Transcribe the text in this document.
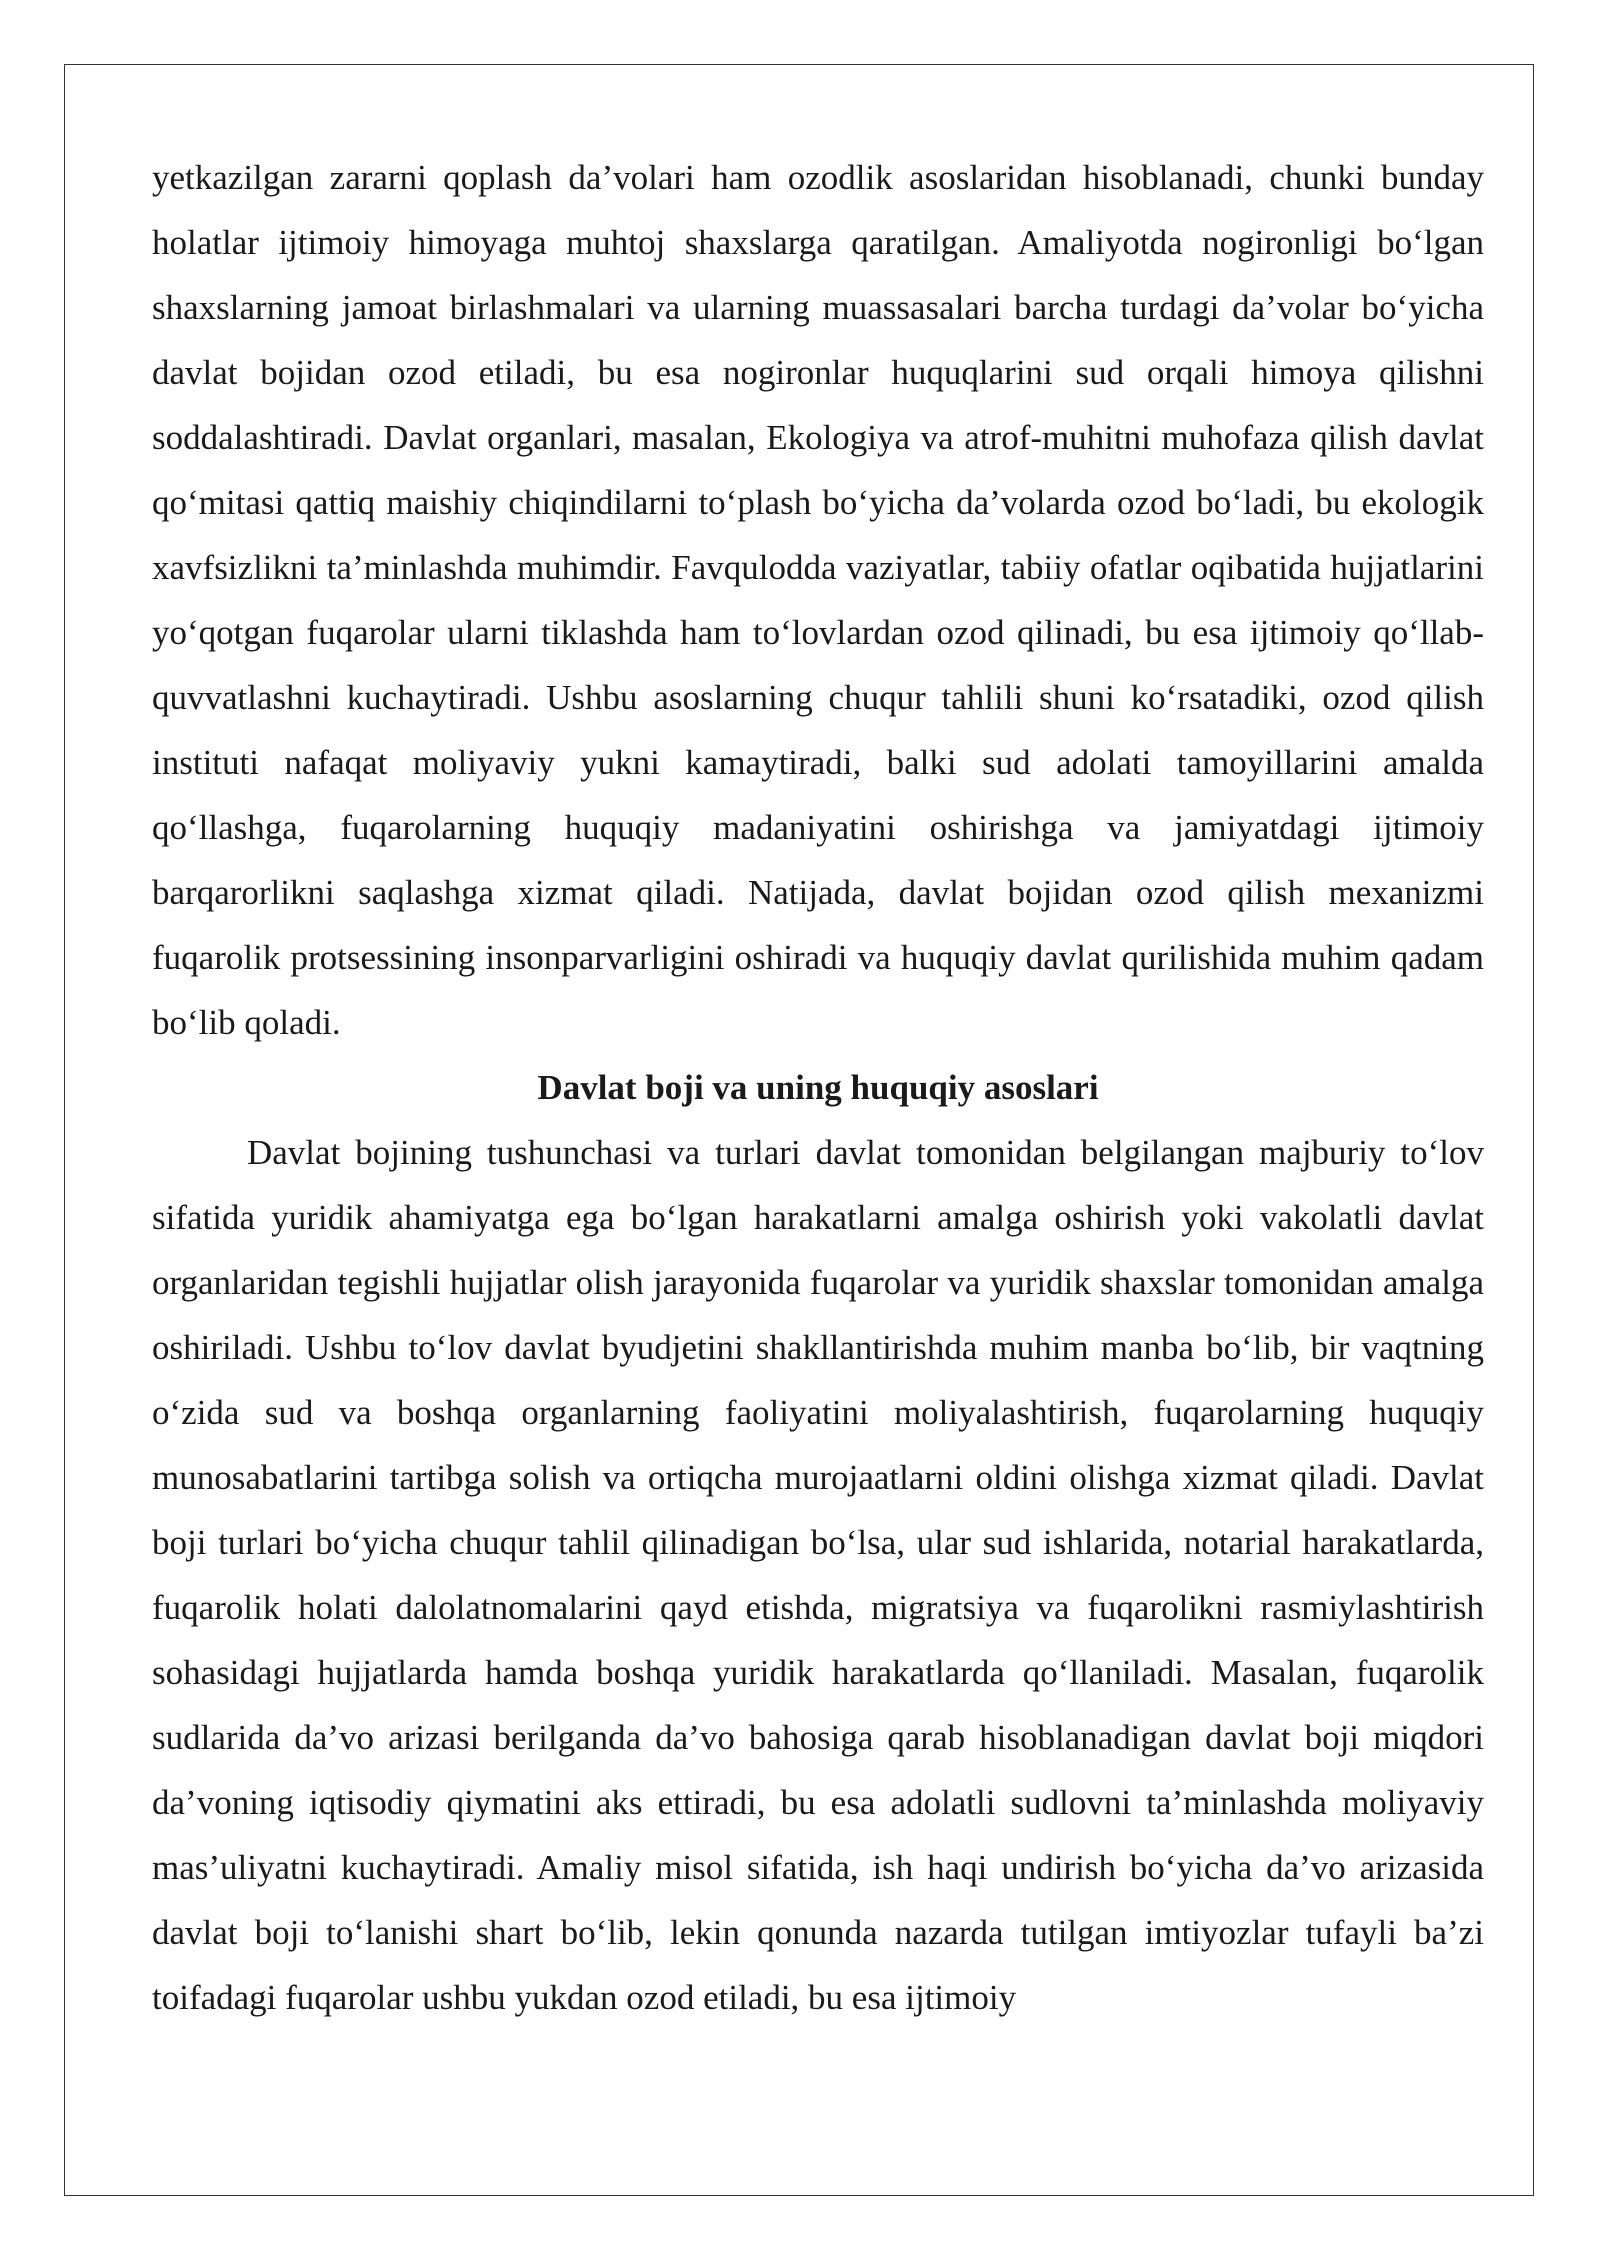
yetkazilgan zararni qoplash da’volari ham ozodlik asoslaridan hisoblanadi, chunki bunday holatlar ijtimoiy himoyaga muhtoj shaxslarga qaratilgan. Amaliyotda nogironligi bo‘lgan shaxslarning jamoat birlashmalari va ularning muassasalari barcha turdagi da’volar bo‘yicha davlat bojidan ozod etiladi, bu esa nogironlar huquqlarini sud orqali himoya qilishni soddalashtiradi. Davlat organlari, masalan, Ekologiya va atrof-muhitni muhofaza qilish davlat qo‘mitasi qattiq maishiy chiqindilarni to‘plash bo‘yicha da’volarda ozod bo‘ladi, bu ekologik xavfsizlikni ta’minlashda muhimdir. Favqulodda vaziyatlar, tabiiy ofatlar oqibatida hujjatlarini yo‘qotgan fuqarolar ularni tiklashda ham to‘lovlardan ozod qilinadi, bu esa ijtimoiy qo‘llab-quvvatlashni kuchaytiradi. Ushbu asoslarning chuqur tahlili shuni ko‘rsatadiki, ozod qilish instituti nafaqat moliyaviy yukni kamaytiradi, balki sud adolati tamoyillarini amalda qo‘llashga, fuqarolarning huquqiy madaniyatini oshirishga va jamiyatdagi ijtimoiy barqarorlikni saqlashga xizmat qiladi. Natijada, davlat bojidan ozod qilish mexanizmi fuqarolik protsessining insonparvarligini oshiradi va huquqiy davlat qurilishida muhim qadam bo‘lib qoladi.

Davlat boji va uning huquqiy asoslari

Davlat bojining tushunchasi va turlari davlat tomonidan belgilangan majburiy to‘lov sifatida yuridik ahamiyatga ega bo‘lgan harakatlarni amalga oshirish yoki vakolatli davlat organlaridan tegishli hujjatlar olish jarayonida fuqarolar va yuridik shaxslar tomonidan amalga oshiriladi. Ushbu to‘lov davlat byudjetini shakllantirishda muhim manba bo‘lib, bir vaqtning o‘zida sud va boshqa organlarning faoliyatini moliyalashtirish, fuqarolarning huquqiy munosabatlarini tartibga solish va ortiqcha murojaatlarni oldini olishga xizmat qiladi. Davlat boji turlari bo‘yicha chuqur tahlil qilinadigan bo‘lsa, ular sud ishlarida, notarial harakatlarda, fuqarolik holati dalolatnomalarini qayd etishda, migratsiya va fuqarolikni rasmiylashtirish sohasidagi hujjatlarda hamda boshqa yuridik harakatlarda qo‘llaniladi. Masalan, fuqarolik sudlarida da’vo arizasi berilganda da’vo bahosiga qarab hisoblanadigan davlat boji miqdori da’voning iqtisodiy qiymatini aks ettiradi, bu esa adolatli sudlovni ta’minlashda moliyaviy mas’uliyatni kuchaytiradi. Amaliy misol sifatida, ish haqi undirish bo‘yicha da’vo arizasida davlat boji to‘lanishi shart bo‘lib, lekin qonunda nazarda tutilgan imtiyozlar tufayli ba’zi toifadagi fuqarolar ushbu yukdan ozod etiladi, bu esa ijtimoiy
